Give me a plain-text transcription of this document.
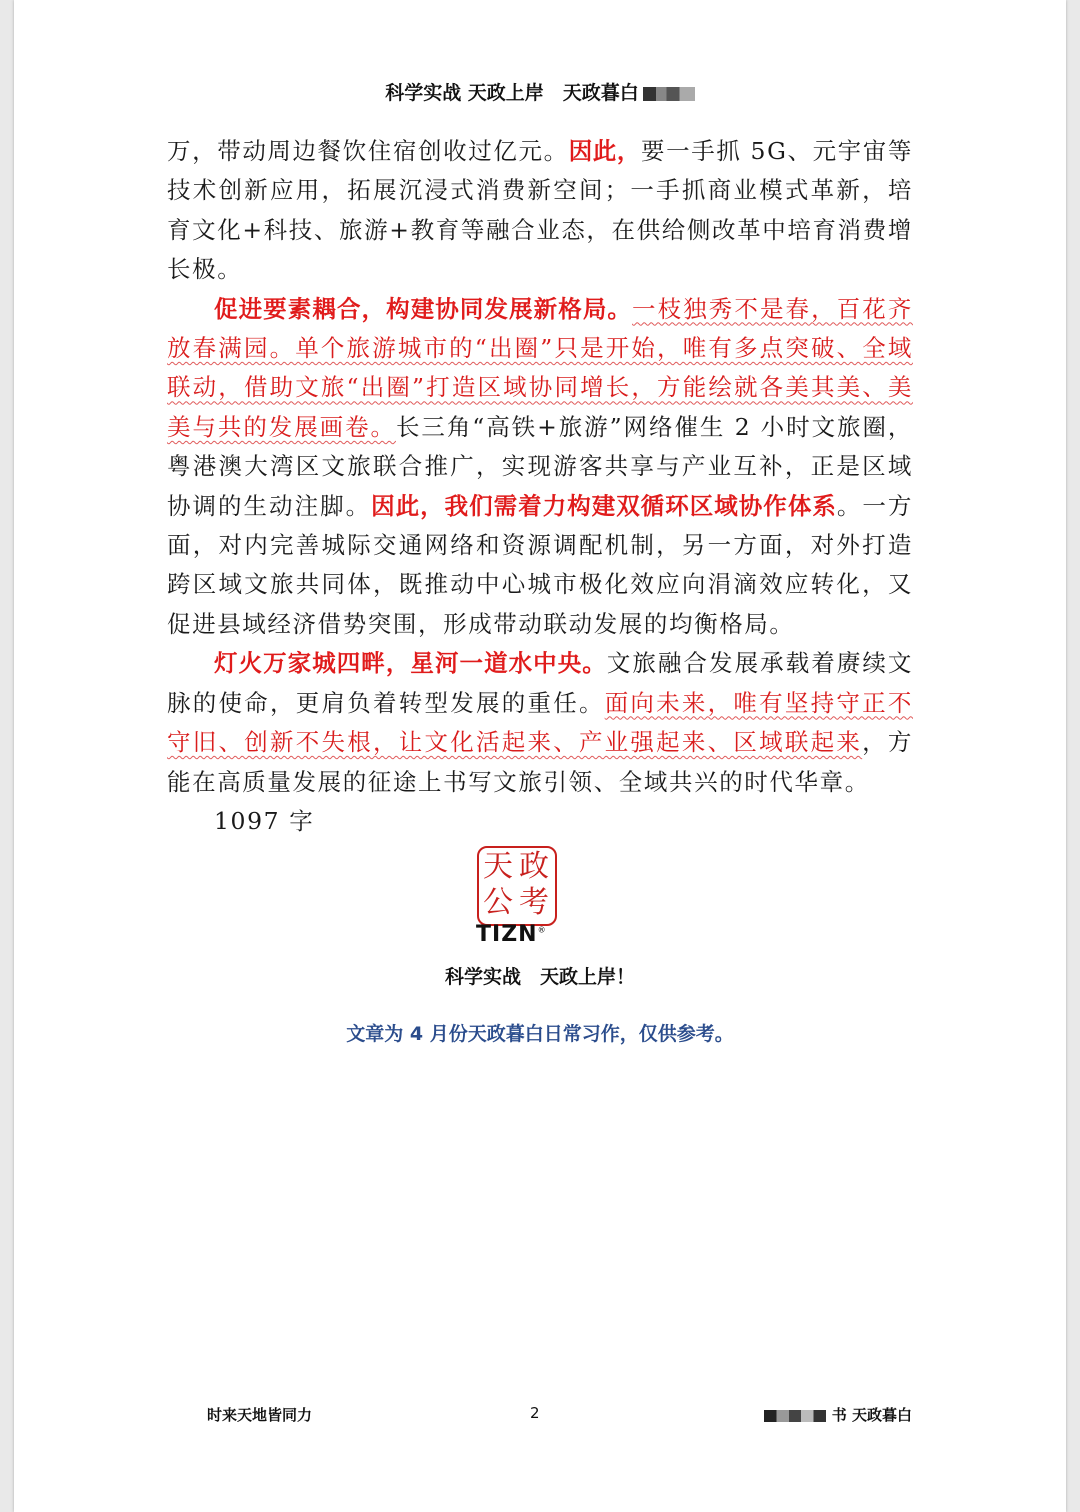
科学实战 天政上岸　天政暮白

万，带动周边餐饮住宿创收过亿元。因此，要一手抓 5G、元宇宙等技术创新应用，拓展沉浸式消费新空间；一手抓商业模式革新，培育文化+科技、旅游+教育等融合业态，在供给侧改革中培育消费增长极。

促进要素耦合，构建协同发展新格局。一枝独秀不是春，百花齐放春满园。单个旅游城市的“出圈”只是开始，唯有多点突破、全域联动，借助文旅“出圈”打造区域协同增长，方能绘就各美其美、美美与共的发展画卷。长三角“高铁+旅游”网络催生 2 小时文旅圈，粤港澳大湾区文旅联合推广，实现游客共享与产业互补，正是区域协调的生动注脚。因此，我们需着力构建双循环区域协作体系。一方面，对内完善城际交通网络和资源调配机制，另一方面，对外打造跨区域文旅共同体，既推动中心城市极化效应向涓滴效应转化，又促进县域经济借势突围，形成带动联动发展的均衡格局。

灯火万家城四畔，星河一道水中央。文旅融合发展承载着赓续文脉的使命，更肩负着转型发展的重任。面向未来，唯有坚持守正不守旧、创新不失根，让文化活起来、产业强起来、区域联起来，方能在高质量发展的征途上书写文旅引领、全域共兴的时代华章。

1097 字

天 政
公 考
TIZN®
科学实战　天政上岸！
文章为 4 月份天政暮白日常习作，仅供参考。
时来天地皆同力	2	书 天政暮白
